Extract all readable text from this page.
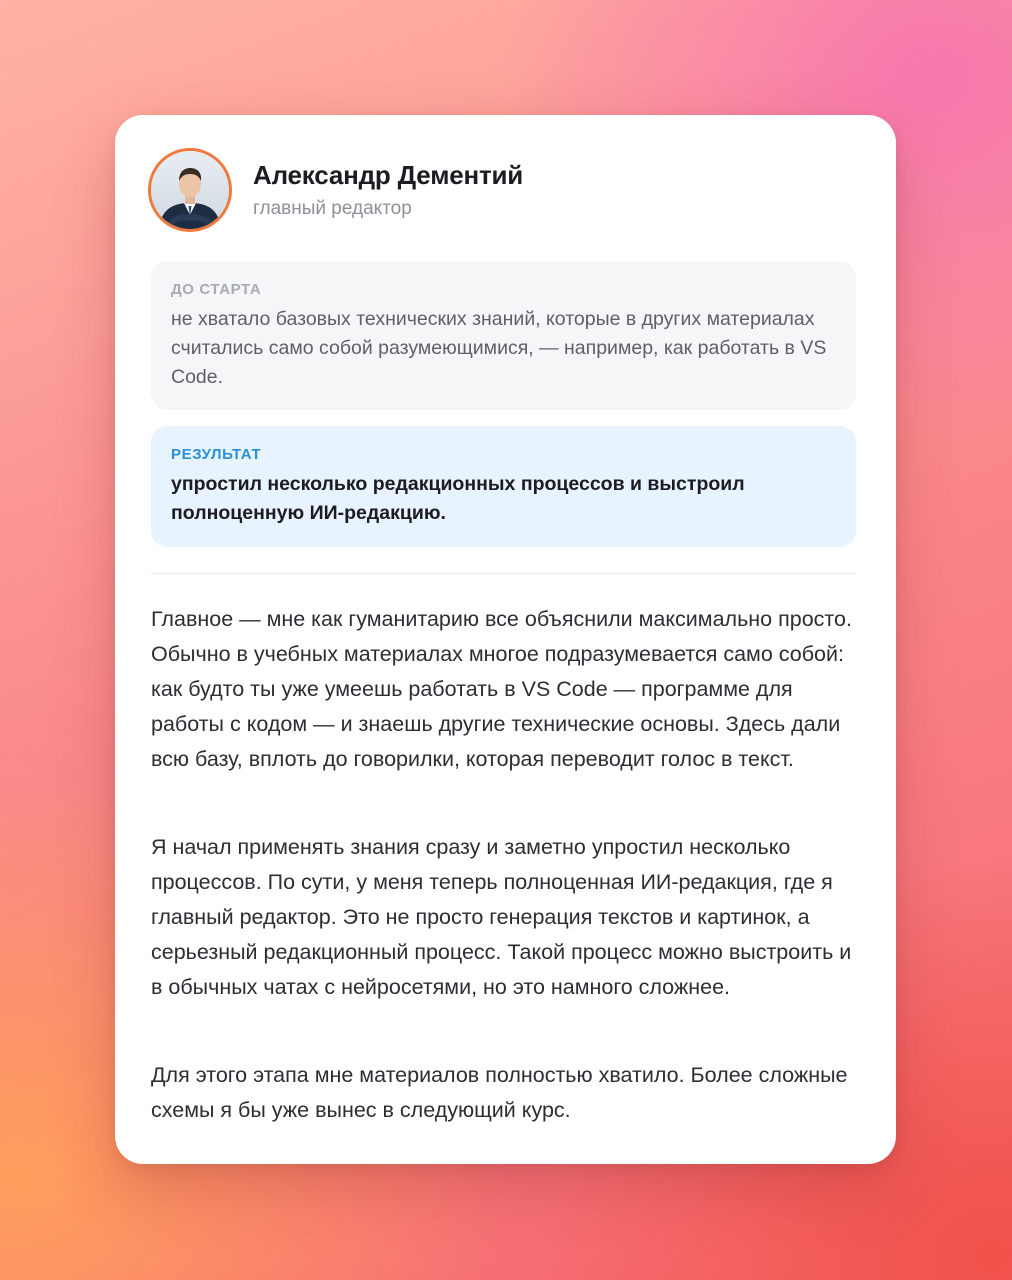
Александр Дементий
главный редактор
ДО СТАРТА
не хватало базовых технических знаний, которые в других материалах считались само собой разумеющимися, — например, как работать в VS Code.
РЕЗУЛЬТАТ
упростил несколько редакционных процессов и выстроил полноценную ИИ-редакцию.

Главное — мне как гуманитарию все объяснили максимально просто. Обычно в учебных материалах многое подразумевается само собой: как будто ты уже умеешь работать в VS Code — программе для работы с кодом — и знаешь другие технические основы. Здесь дали всю базу, вплоть до говорилки, которая переводит голос в текст.

Я начал применять знания сразу и заметно упростил несколько процессов. По сути, у меня теперь полноценная ИИ-редакция, где я главный редактор. Это не просто генерация текстов и картинок, а серьезный редакционный процесс. Такой процесс можно выстроить и в обычных чатах с нейросетями, но это намного сложнее.

Для этого этапа мне материалов полностью хватило. Более сложные схемы я бы уже вынес в следующий курс.
